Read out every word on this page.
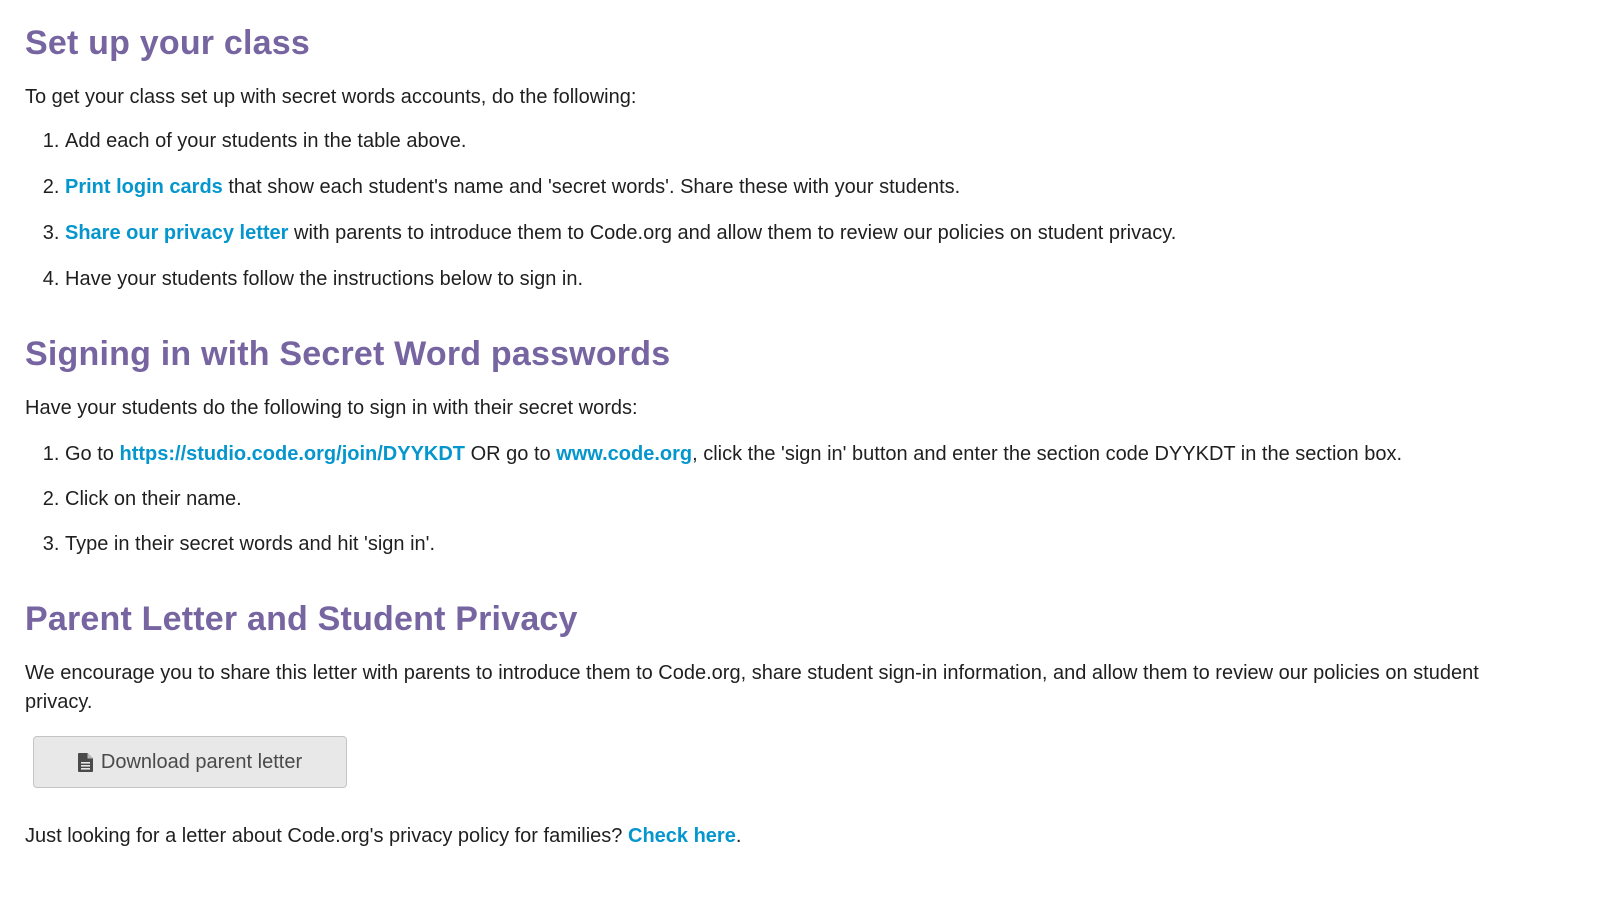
Set up your class

To get your class set up with secret words accounts, do the following:

1. Add each of your students in the table above.
2. Print login cards that show each student's name and 'secret words'. Share these with your students.
3. Share our privacy letter with parents to introduce them to Code.org and allow them to review our policies on student privacy.
4. Have your students follow the instructions below to sign in.
Signing in with Secret Word passwords

Have your students do the following to sign in with their secret words:

1. Go to https://studio.code.org/join/DYYKDT OR go to www.code.org, click the 'sign in' button and enter the section code DYYKDT in the section box.
2. Click on their name.
3. Type in their secret words and hit 'sign in'.
Parent Letter and Student Privacy

We encourage you to share this letter with parents to introduce them to Code.org, share student sign-in information, and allow them to review our policies on student privacy.

Download parent letter

Just looking for a letter about Code.org's privacy policy for families? Check here.
